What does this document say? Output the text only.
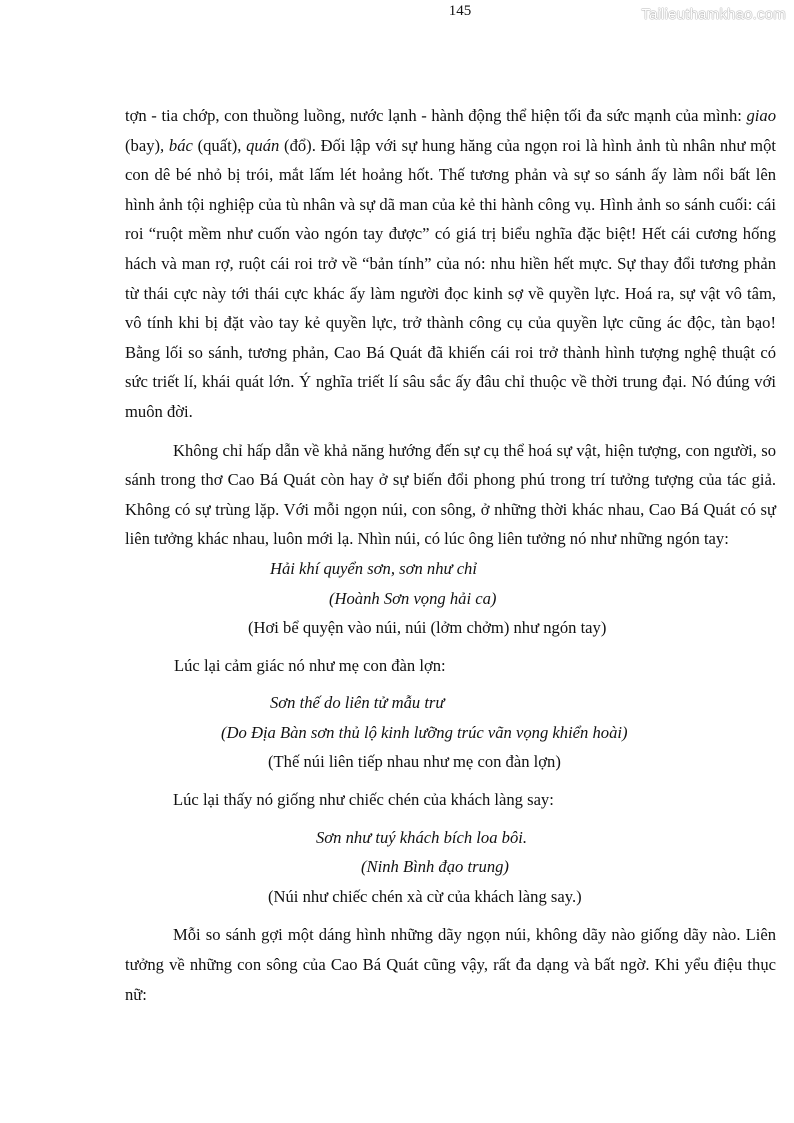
145	Tailieuthamkhao.com

tợn - tia chớp, con thuồng luồng, nước lạnh - hành động thể hiện tối đa sức mạnh của mình: giao (bay), bác (quất), quán (đổ). Đối lập với sự hung hăng của ngọn roi là hình ảnh tù nhân như một con dê bé nhỏ bị trói, mắt lấm lét hoảng hốt. Thế tương phản và sự so sánh ấy làm nổi bất lên hình ảnh tội nghiệp của tù nhân và sự dã man của kẻ thi hành công vụ. Hình ảnh so sánh cuối: cái roi “ruột mềm như cuốn vào ngón tay được” có giá trị biểu nghĩa đặc biệt! Hết cái cương hống hách và man rợ, ruột cái roi trở về “bản tính” của nó: nhu hiền hết mực. Sự thay đổi tương phản từ thái cực này tới thái cực khác ấy làm người đọc kinh sợ về quyền lực. Hoá ra, sự vật vô tâm, vô tính khi bị đặt vào tay kẻ quyền lực, trở thành công cụ của quyền lực cũng ác độc, tàn bạo! Bằng lối so sánh, tương phản, Cao Bá Quát đã khiến cái roi trở thành hình tượng nghệ thuật có sức triết lí, khái quát lớn. Ý nghĩa triết lí sâu sắc ấy đâu chỉ thuộc về thời trung đại. Nó đúng với muôn đời.

Không chỉ hấp dẫn về khả năng hướng đến sự cụ thể hoá sự vật, hiện tượng, con người, so sánh trong thơ Cao Bá Quát còn hay ở sự biến đổi phong phú trong trí tưởng tượng của tác giả. Không có sự trùng lặp. Với mỗi ngọn núi, con sông, ở những thời khác nhau, Cao Bá Quát có sự liên tưởng khác nhau, luôn mới lạ. Nhìn núi, có lúc ông liên tưởng nó như những ngón tay:

Hải khí quyển sơn, sơn như chỉ

(Hoành Sơn vọng hải ca)

(Hơi bể quyện vào núi, núi (lởm chởm) như ngón tay)

Lúc lại cảm giác nó như mẹ con đàn lợn:

Sơn thế do liên tử mẫu trư

(Do Địa Bàn sơn thủ lộ kinh lưỡng trúc vãn vọng khiển hoài)

(Thế núi liên tiếp nhau như mẹ con đàn lợn)

Lúc lại thấy nó giống như chiếc chén của khách làng say:

Sơn như tuý khách bích loa bôi.

(Ninh Bình đạo trung)

(Núi như chiếc chén xà cừ của khách làng say.)

Mỗi so sánh gợi một dáng hình những dãy ngọn núi, không dãy nào giống dãy nào. Liên tưởng về những con sông của Cao Bá Quát cũng vậy, rất đa dạng và bất ngờ. Khi yểu điệu thục nữ:
